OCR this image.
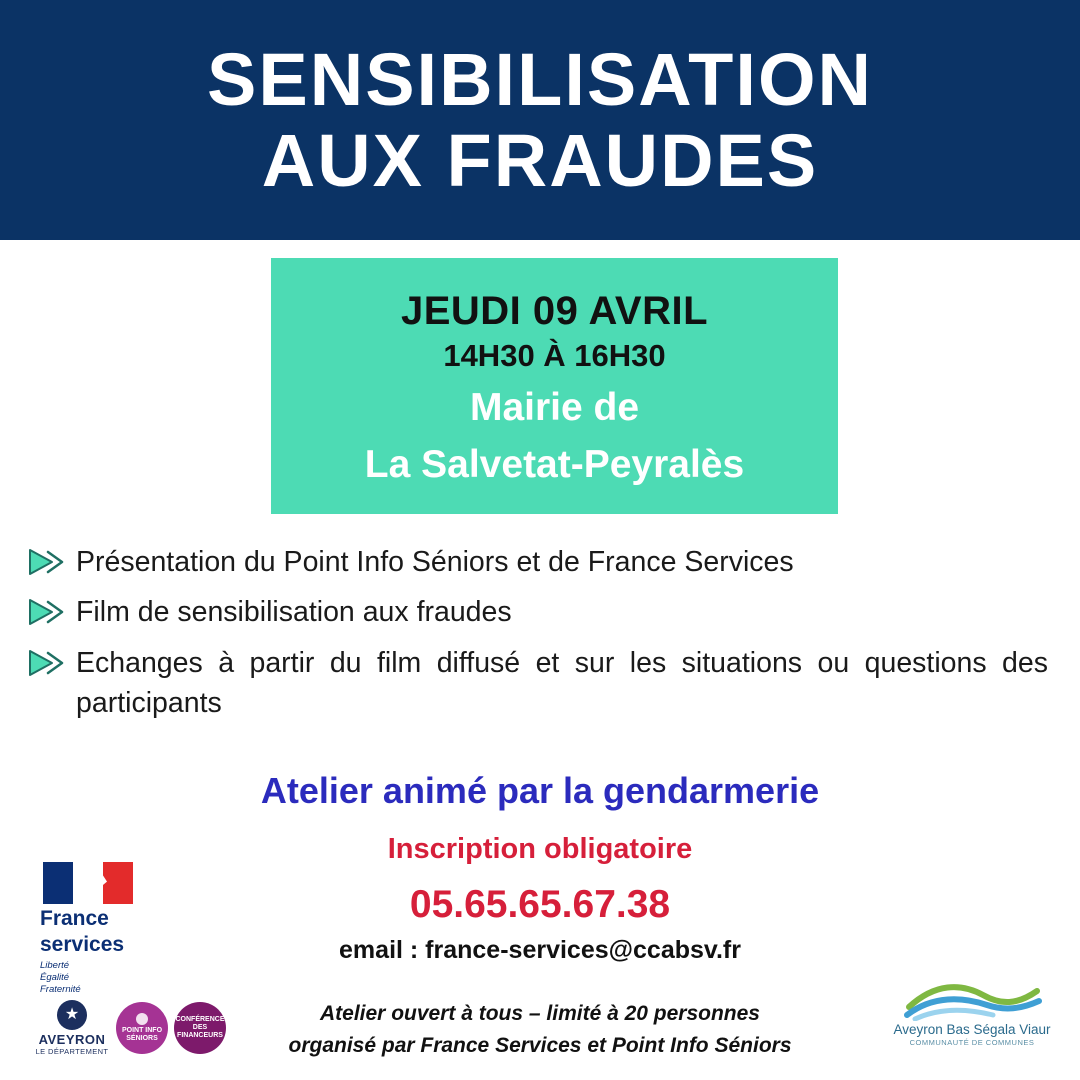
SENSIBILISATION
AUX FRAUDES
JEUDI 09 AVRIL
14H30 À 16H30
Mairie de
La Salvetat-Peyralès
Présentation du Point Info Séniors et de France Services
Film de sensibilisation aux fraudes
Echanges à partir du film diffusé et sur les situations ou questions des participants
Atelier animé par la gendarmerie
Inscription obligatoire
05.65.65.67.38
email : france-services@ccabsv.fr
Atelier ouvert à tous – limité à 20 personnes
organisé par France Services et Point Info Séniors
France
services
Liberté
Égalité
Fraternité
★
AVEYRON
LE DÉPARTEMENT
POINT INFO
SÉNIORS
CONFÉRENCE
DES
FINANCEURS	Aveyron Bas Ségala Viaur
COMMUNAUTÉ DE COMMUNES
